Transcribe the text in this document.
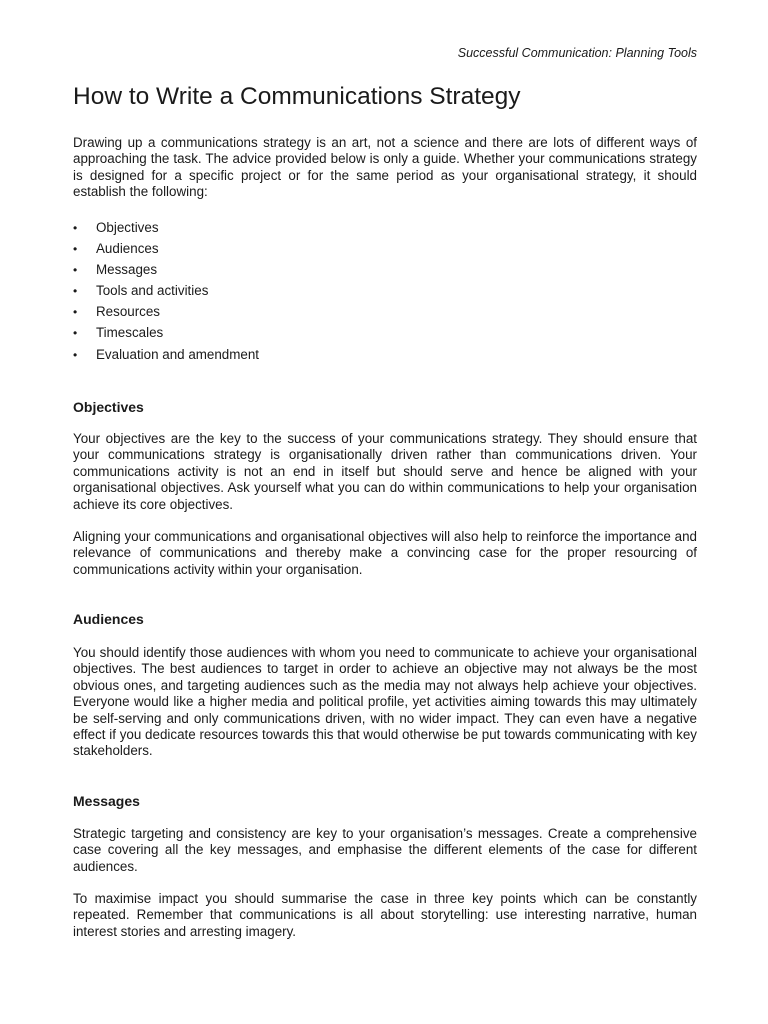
Successful Communication: Planning Tools
How to Write a Communications Strategy

Drawing up a communications strategy is an art, not a science and there are lots of different ways of approaching the task. The advice provided below is only a guide. Whether your communications strategy is designed for a specific project or for the same period as your organisational strategy, it should establish the following:

• Objectives
• Audiences
• Messages
• Tools and activities
• Resources
• Timescales
• Evaluation and amendment
Objectives

Your objectives are the key to the success of your communications strategy. They should ensure that your communications strategy is organisationally driven rather than communications driven. Your communications activity is not an end in itself but should serve and hence be aligned with your organisational objectives. Ask yourself what you can do within communications to help your organisation achieve its core objectives.

Aligning your communications and organisational objectives will also help to reinforce the importance and relevance of communications and thereby make a convincing case for the proper resourcing of communications activity within your organisation.

Audiences

You should identify those audiences with whom you need to communicate to achieve your organisational objectives. The best audiences to target in order to achieve an objective may not always be the most obvious ones, and targeting audiences such as the media may not always help achieve your objectives. Everyone would like a higher media and political profile, yet activities aiming towards this may ultimately be self-serving and only communications driven, with no wider impact. They can even have a negative effect if you dedicate resources towards this that would otherwise be put towards communicating with key stakeholders.

Messages

Strategic targeting and consistency are key to your organisation’s messages. Create a comprehensive case covering all the key messages, and emphasise the different elements of the case for different audiences.

To maximise impact you should summarise the case in three key points which can be constantly repeated. Remember that communications is all about storytelling: use interesting narrative, human interest stories and arresting imagery.
